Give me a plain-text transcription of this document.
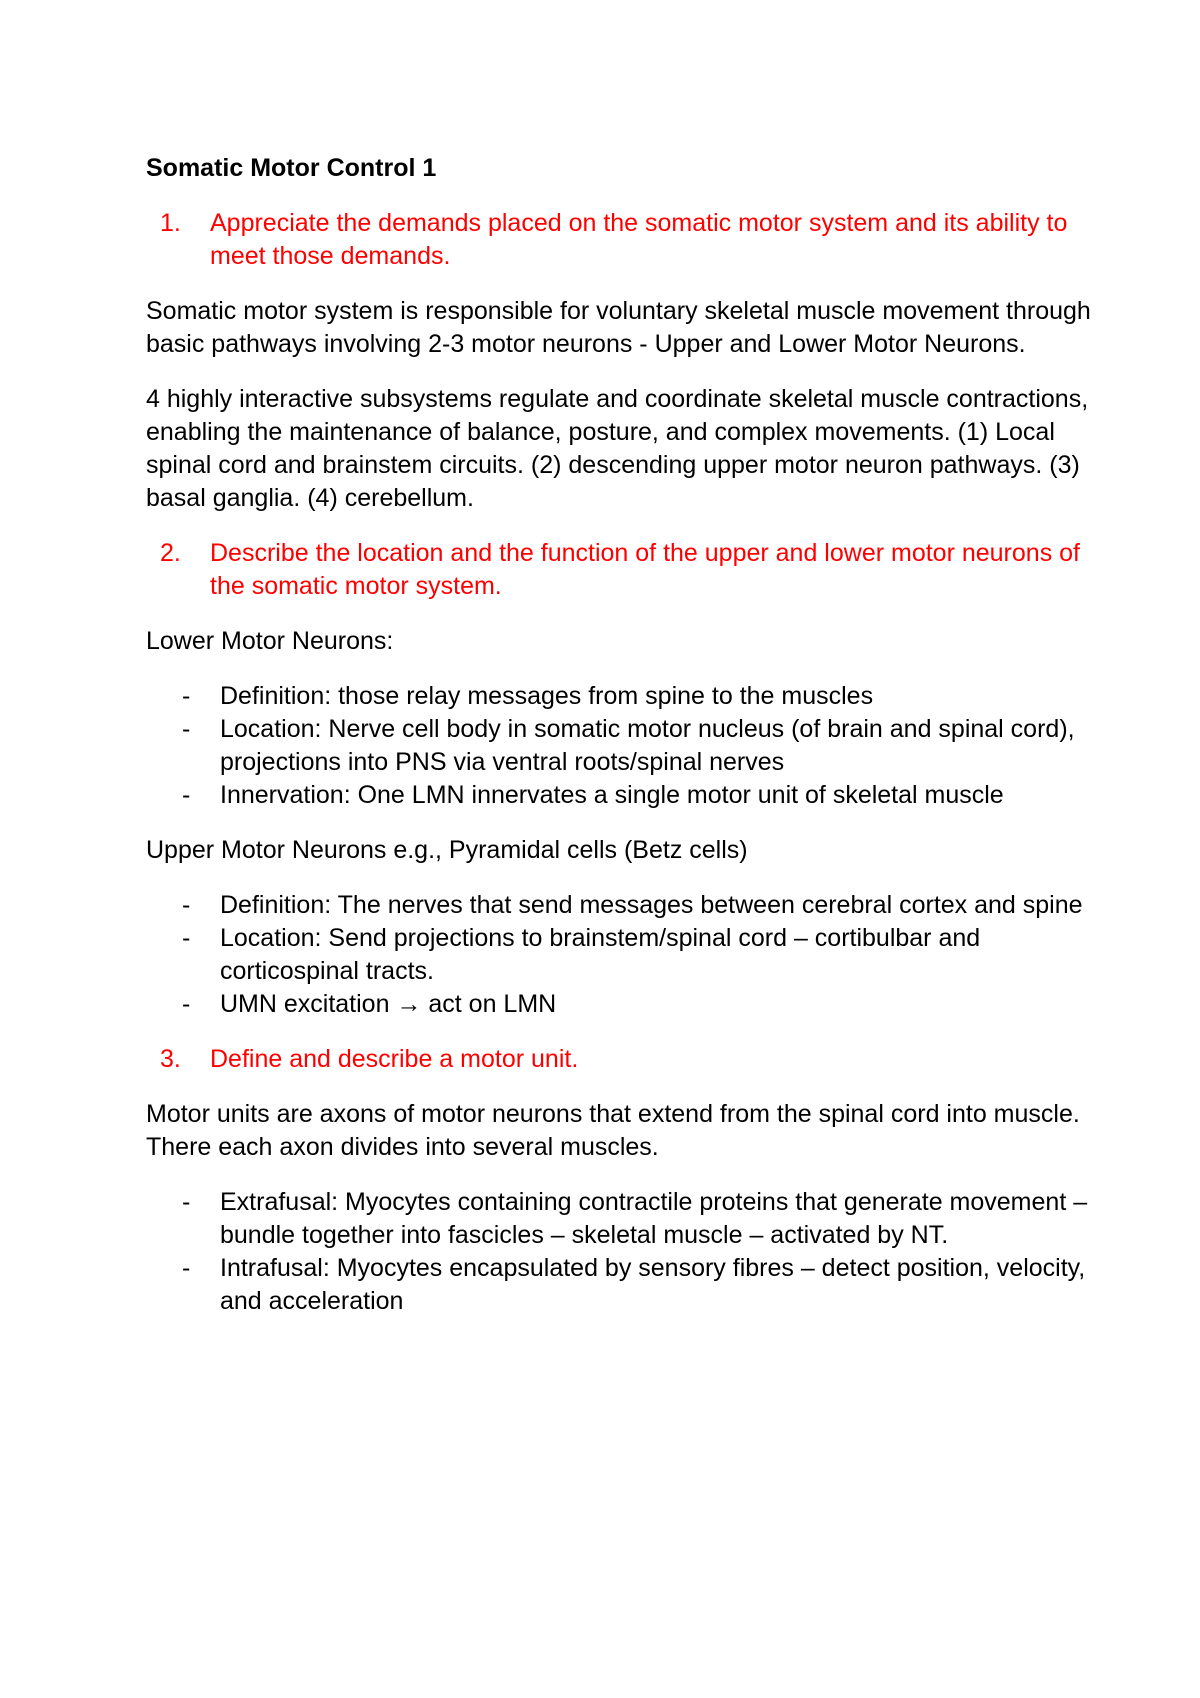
Somatic Motor Control 1
1.	Appreciate the demands placed on the somatic motor system and its ability to meet those demands.

Somatic motor system is responsible for voluntary skeletal muscle movement through basic pathways involving 2-3 motor neurons - Upper and Lower Motor Neurons.

4 highly interactive subsystems regulate and coordinate skeletal muscle contractions, enabling the maintenance of balance, posture, and complex movements. (1) Local spinal cord and brainstem circuits. (2) descending upper motor neuron pathways. (3) basal ganglia. (4) cerebellum.

2.	Describe the location and the function of the upper and lower motor neurons of the somatic motor system.

Lower Motor Neurons:

-	Definition: those relay messages from spine to the muscles
-	Location: Nerve cell body in somatic motor nucleus (of brain and spinal cord), projections into PNS via ventral roots/spinal nerves
-	Innervation: One LMN innervates a single motor unit of skeletal muscle

Upper Motor Neurons e.g., Pyramidal cells (Betz cells)

-	Definition: The nerves that send messages between cerebral cortex and spine
-	Location: Send projections to brainstem/spinal cord – cortibulbar and corticospinal tracts.
-	UMN excitation → act on LMN
3.	Define and describe a motor unit.

Motor units are axons of motor neurons that extend from the spinal cord into muscle. There each axon divides into several muscles.

-	Extrafusal: Myocytes containing contractile proteins that generate movement – bundle together into fascicles – skeletal muscle – activated by NT.
-	Intrafusal: Myocytes encapsulated by sensory fibres – detect position, velocity, and acceleration
